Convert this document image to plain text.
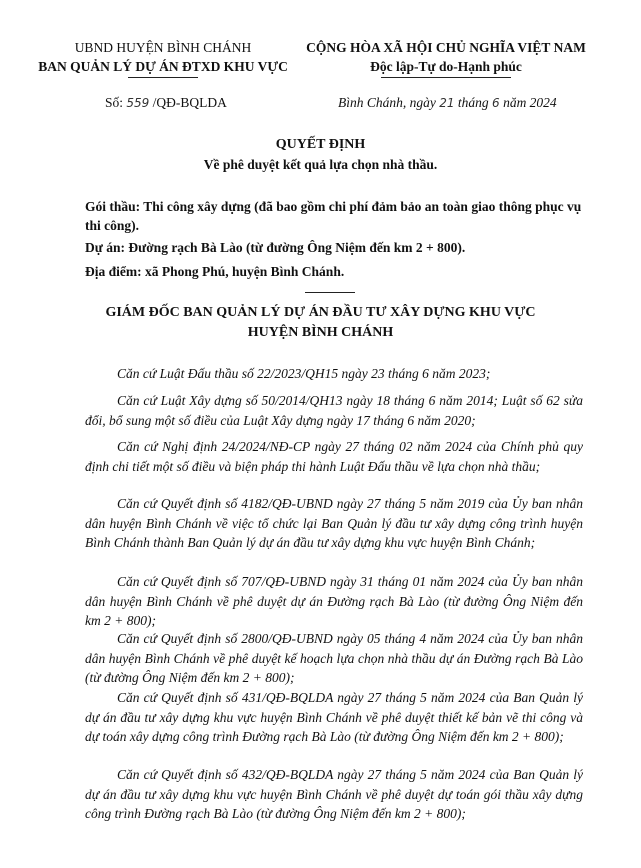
UBND HUYỆN BÌNH CHÁNH
BAN QUẢN LÝ DỰ ÁN ĐTXD KHU VỰC
CỘNG HÒA XÃ HỘI CHỦ NGHĨA VIỆT NAM
Độc lập-Tự do-Hạnh phúc
Số: 559 /QĐ-BQLDA	Bình Chánh, ngày 21 tháng 6 năm 2024
QUYẾT ĐỊNH
Về phê duyệt kết quả lựa chọn nhà thầu.
Gói thầu: Thi công xây dựng (đã bao gồm chi phí đảm bảo an toàn giao thông phục vụ thi công).
Dự án: Đường rạch Bà Lào (từ đường Ông Niệm đến km 2 + 800).
Địa điểm: xã Phong Phú, huyện Bình Chánh.
GIÁM ĐỐC BAN QUẢN LÝ DỰ ÁN ĐẦU TƯ XÂY DỰNG KHU VỰC
HUYỆN BÌNH CHÁNH
Căn cứ Luật Đấu thầu số 22/2023/QH15 ngày 23 tháng 6 năm 2023;
Căn cứ Luật Xây dựng số 50/2014/QH13 ngày 18 tháng 6 năm 2014; Luật số 62 sửa đổi, bổ sung một số điều của Luật Xây dựng ngày 17 tháng 6 năm 2020;
Căn cứ Nghị định 24/2024/NĐ-CP ngày 27 tháng 02 năm 2024 của Chính phủ quy định chi tiết một số điều và biện pháp thi hành Luật Đấu thầu về lựa chọn nhà thầu;
Căn cứ Quyết định số 4182/QĐ-UBND ngày 27 tháng 5 năm 2019 của Ủy ban nhân dân huyện Bình Chánh về việc tổ chức lại Ban Quản lý đầu tư xây dựng công trình huyện Bình Chánh thành Ban Quản lý dự án đầu tư xây dựng khu vực huyện Bình Chánh;
Căn cứ Quyết định số 707/QĐ-UBND ngày 31 tháng 01 năm 2024 của Ủy ban nhân dân huyện Bình Chánh về phê duyệt dự án Đường rạch Bà Lào (từ đường Ông Niệm đến km 2 + 800);
Căn cứ Quyết định số 2800/QĐ-UBND ngày 05 tháng 4 năm 2024 của Ủy ban nhân dân huyện Bình Chánh về phê duyệt kế hoạch lựa chọn nhà thầu dự án Đường rạch Bà Lào (từ đường Ông Niệm đến km 2 + 800);
Căn cứ Quyết định số 431/QĐ-BQLDA ngày 27 tháng 5 năm 2024 của Ban Quản lý dự án đầu tư xây dựng khu vực huyện Bình Chánh về phê duyệt thiết kế bản vẽ thi công và dự toán xây dựng công trình Đường rạch Bà Lào (từ đường Ông Niệm đến km 2 + 800);
Căn cứ Quyết định số 432/QĐ-BQLDA ngày 27 tháng 5 năm 2024 của Ban Quản lý dự án đầu tư xây dựng khu vực huyện Bình Chánh về phê duyệt dự toán gói thầu xây dựng công trình Đường rạch Bà Lào (từ đường Ông Niệm đến km 2 + 800);
